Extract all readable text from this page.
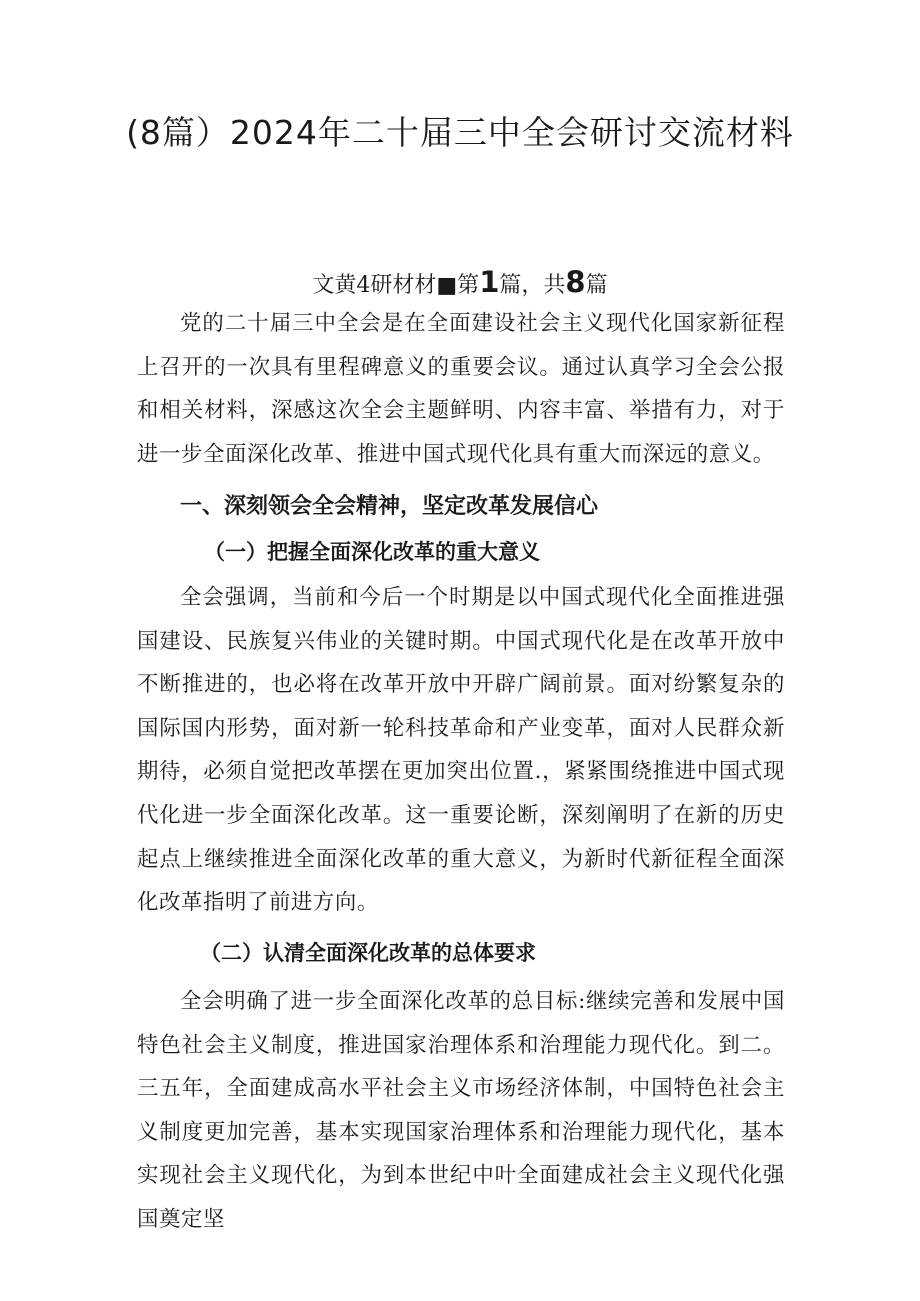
(8篇）2024年二十届三中全会研讨交流材料

文黄4研材材■第1篇，共8篇

党的二十届三中全会是在全面建设社会主义现代化国家新征程上召开的一次具有里程碑意义的重要会议。通过认真学习全会公报和相关材料，深感这次全会主题鲜明、内容丰富、举措有力，对于进一步全面深化改革、推进中国式现代化具有重大而深远的意义。

一、深刻领会全会精神，坚定改革发展信心
（一）把握全面深化改革的重大意义

全会强调，当前和今后一个时期是以中国式现代化全面推进强国建设、民族复兴伟业的关键时期。中国式现代化是在改革开放中不断推进的，也必将在改革开放中开辟广阔前景。面对纷繁复杂的国际国内形势，面对新一轮科技革命和产业变革，面对人民群众新期待，必须自觉把改革摆在更加突出位置.，紧紧围绕推进中国式现代化进一步全面深化改革。这一重要论断，深刻阐明了在新的历史起点上继续推进全面深化改革的重大意义，为新时代新征程全面深化改革指明了前进方向。

（二）认清全面深化改革的总体要求

全会明确了进一步全面深化改革的总目标:继续完善和发展中国特色社会主义制度，推进国家治理体系和治理能力现代化。到二。三五年，全面建成高水平社会主义市场经济体制，中国特色社会主义制度更加完善，基本实现国家治理体系和治理能力现代化，基本实现社会主义现代化，为到本世纪中叶全面建成社会主义现代化强国奠定坚
